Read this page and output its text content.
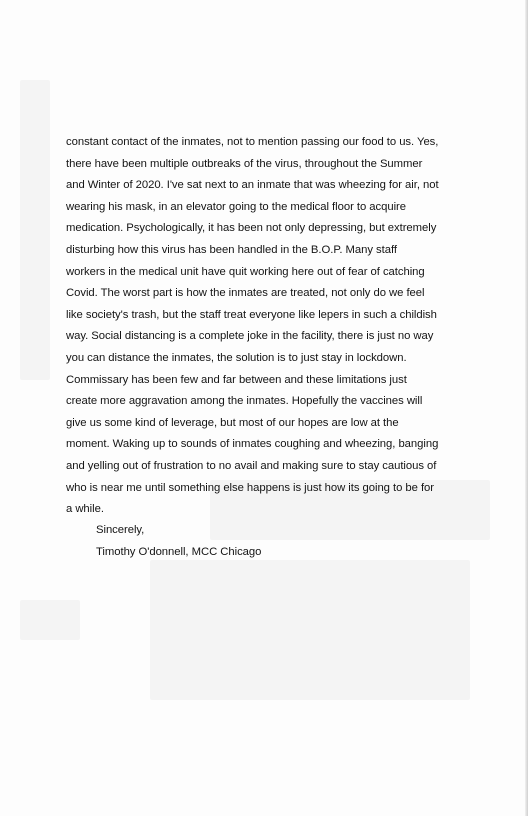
constant contact of the inmates, not to mention passing our food to us. Yes,
there have been multiple outbreaks of the virus, throughout the Summer
and Winter of 2020. I've sat next to an inmate that was wheezing for air, not
wearing his mask, in an elevator going to the medical floor to acquire
medication. Psychologically, it has been not only depressing, but extremely
disturbing how this virus has been handled in the B.O.P. Many staff
workers in the medical unit have quit working here out of fear of catching
Covid. The worst part is how the inmates are treated, not only do we feel
like society's trash, but the staff treat everyone like lepers in such a childish
way. Social distancing is a complete joke in the facility, there is just no way
you can distance the inmates, the solution is to just stay in lockdown.
Commissary has been few and far between and these limitations just
create more aggravation among the inmates. Hopefully the vaccines will
give us some kind of leverage, but most of our hopes are low at the
moment. Waking up to sounds of inmates coughing and wheezing, banging
and yelling out of frustration to no avail and making sure to stay cautious of
who is near me until something else happens is just how its going to be for
a while.
Sincerely,
Timothy O'donnell, MCC Chicago
